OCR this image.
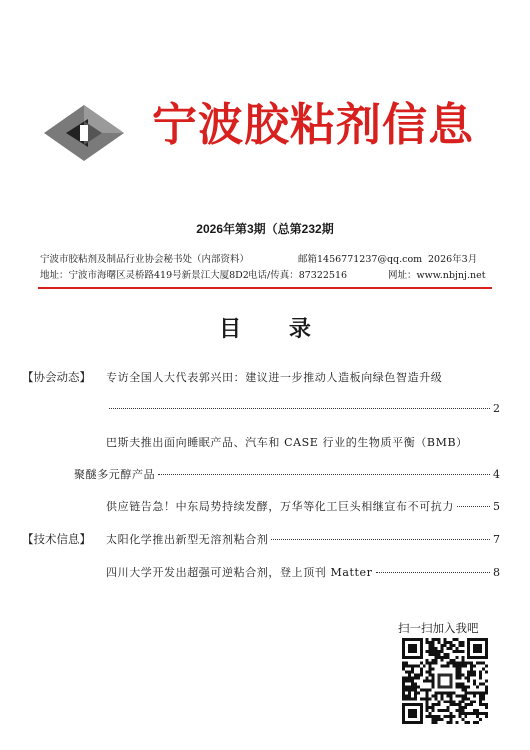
宁波胶粘剂信息
2026年第3期（总第232期
宁波市胶粘剂及制品行业协会秘书处（内部资料）	邮箱1456771237@qq.com 2026年3月
地址：宁波市海曙区灵桥路419号新景江大厦8D2 电话/传真：87322516	网址：www.nbjnj.net
目 录
【协会动态】 专访全国人大代表郭兴田：建议进一步推动人造板向绿色智造升级
2
巴斯夫推出面向睡眠产品、汽车和 CASE 行业的生物质平衡（BMB）
聚醚多元醇产品	4
供应链告急！中东局势持续发酵，万华等化工巨头相继宣布不可抗力	5
【技术信息】 太阳化学推出新型无溶剂粘合剂	7
四川大学开发出超强可逆粘合剂，登上顶刊 Matter	8
扫一扫加入我吧
